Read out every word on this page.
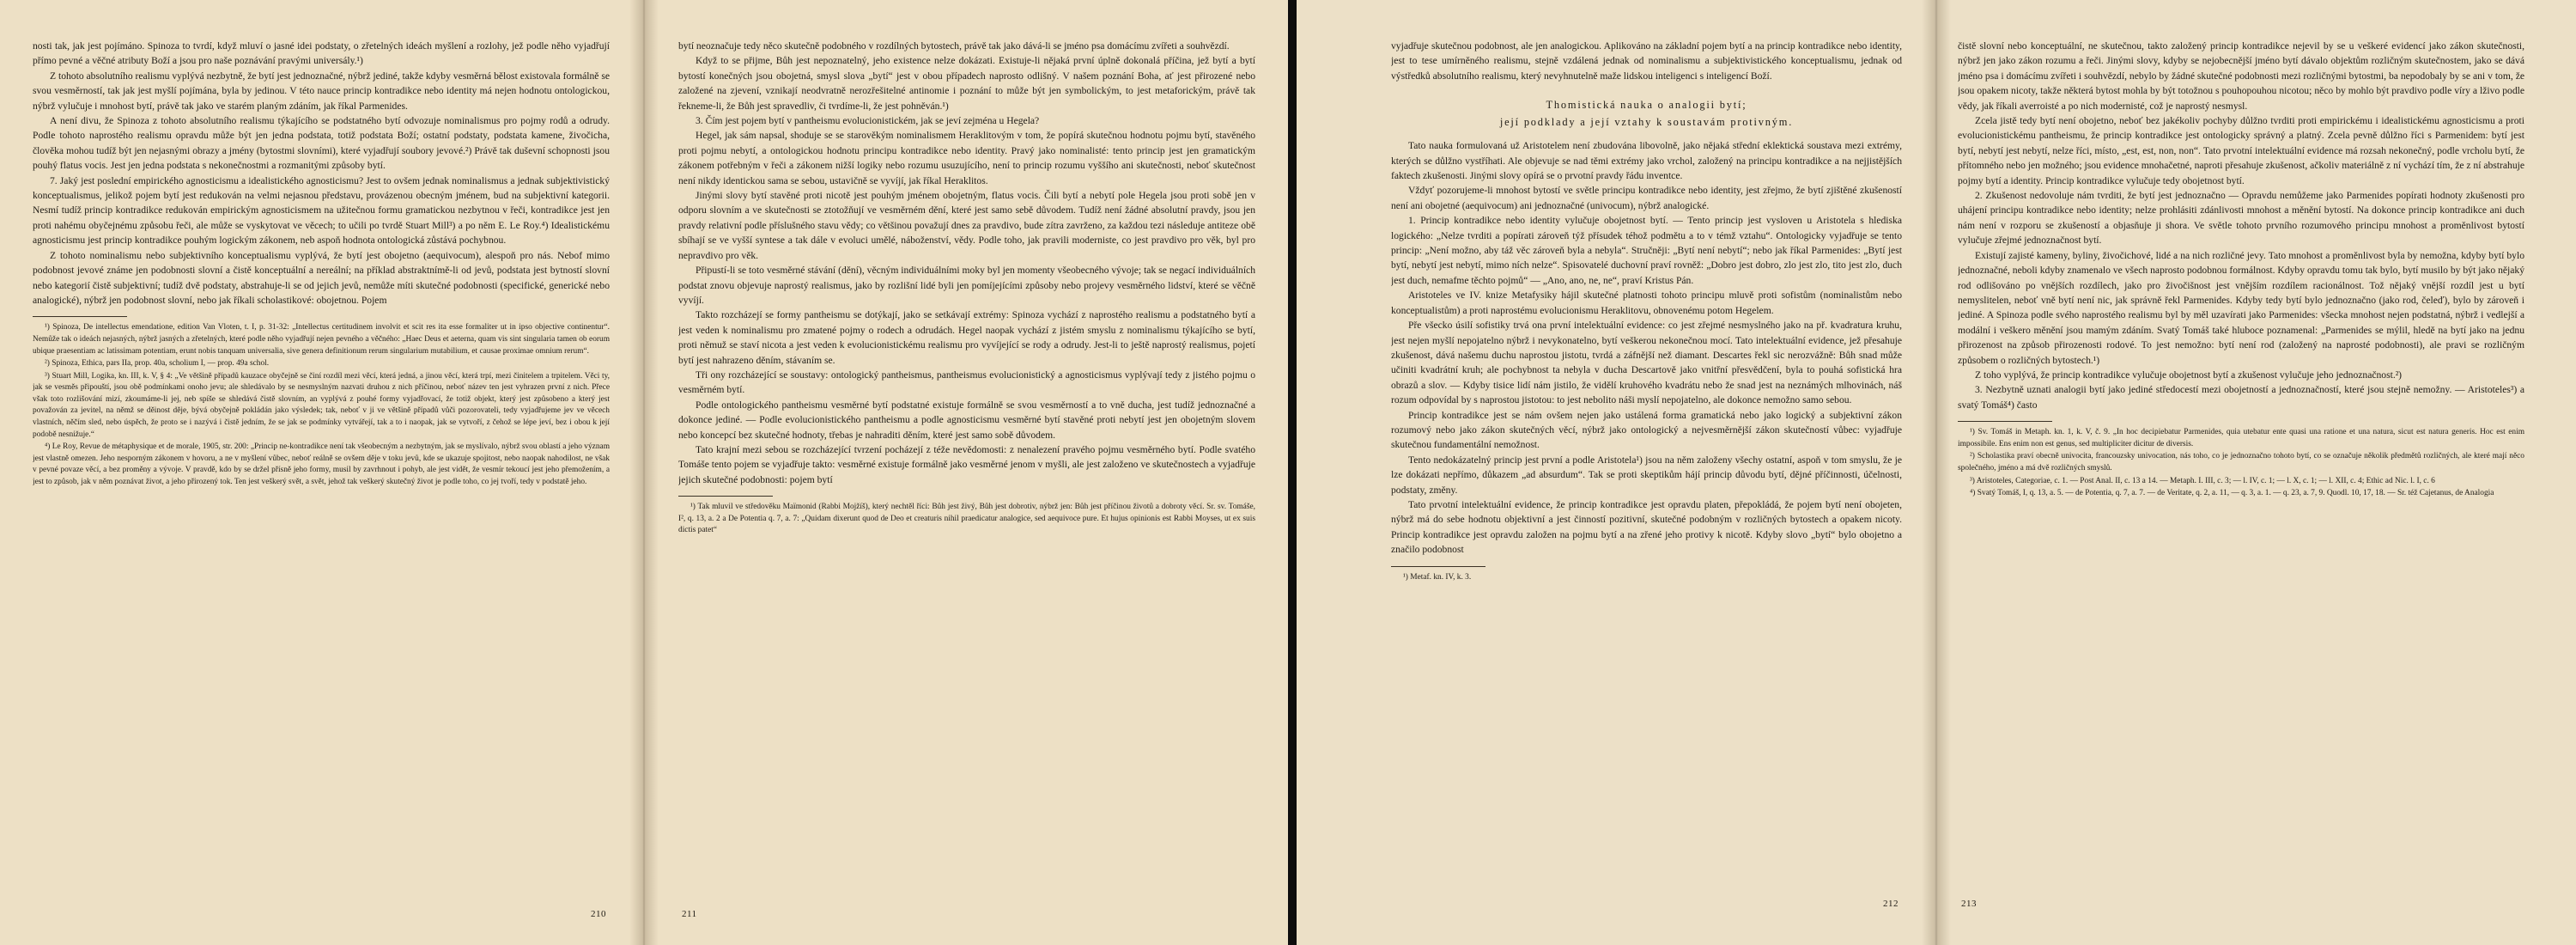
nosti tak, jak jest pojímáno. Spinoza to tvrdí, když mluví o jasné idei podstaty, o zřetelných ideách myšlení a rozlohy, jež podle něho vyjadřují přímo pevné a věčné atributy Boží a jsou pro naše poznávání pravými universály.¹)

Z tohoto absolutního realismu vyplývá nezbytně, že bytí jest jednoznačné, nýbrž jediné, takže kdyby vesměrná bělost existovala formálně se svou vesměrností, tak jak jest myšlí pojímána, byla by jedinou. V této nauce princip kontradikce nebo identity má nejen hodnotu ontologickou, nýbrž vylučuje i mnohost bytí, právě tak jako ve starém planým zdáním, jak říkal Parmenides.

A není divu, že Spinoza z tohoto absolutního realismu týkajícího se podstatného bytí odvozuje nominalismus pro pojmy rodů a odrudy. Podle tohoto naprostého realismu opravdu může být jen jedna podstata, totiž podstata Boží; ostatní podstaty, podstata kamene, živočicha, člověka mohou tudíž být jen nejasnými obrazy a jmény (bytostmi slovními), které vyjadřují soubory jevové.²) Právě tak duševní schopnosti jsou pouhý flatus vocis. Jest jen jedna podstata s nekonečnostmi a rozmanitými způsoby bytí.

7. Jaký jest poslední empirického agnosticismu a idealistického agnosticismu? Jest to ovšem jednak nominalismus a jednak subjektivistický konceptualismus, jelikož pojem bytí jest redukován na velmi nejasnou představu, provázenou obecným jménem, bud na subjektivní kategorii. Nesmí tudíž princip kontradikce redukován empirickým agnosticismem na užitečnou formu gramatickou nezbytnou v řeči, kontradikce jest jen proti nahému obyčejnému způsobu řeči, ale může se vyskytovat ve věcech; to učili po tvrdě Stuart Mill³) a po něm E. Le Roy.⁴) Idealistickému agnosticismu jest princip kontradikce pouhým logickým zákonem, neb aspoň hodnota ontologická zůstává pochybnou.

Z tohoto nominalismu nebo subjektivního konceptualismu vyplývá, že bytí jest obojetno (aequivocum), alespoň pro nás. Nebof mimo podobnost jevové známe jen podobnosti slovní a čistě konceptuální a nereální; na příklad abstraktnímě-li od jevů, podstata jest bytností slovní nebo kategorií čistě subjektivní; tudíž dvě podstaty, abstrahuje-li se od jejich jevů, nemůže míti skutečné podobnosti (specifické, generické nebo analogické), nýbrž jen podobnost slovní, nebo jak říkali scholastikové: obojetnou. Pojem

¹) Spinoza, De intellectus emendatione, edition Van Vloten, t. I, p. 31-32: „Intellectus certitudinem involvit et scit res ita esse formaliter ut in ipso objective continentur“. Nemůže tak o ideách nejasných, nýbrž jasných a zřetelných, které podle něho vyjadřují nejen pevného a věčného: „Haec Deus et aeterna, quam vis sint singularia tamen ob eorum ubique praesentiam ac latissimam potentiam, erunt nobis tanquam universalia, sive genera definitionum rerum singularium mutabilium, et causae proximae omnium rerum“.

²) Spinoza, Ethica, pars IIa, prop. 40a, scholium I, — prop. 49a schol.

³) Stuart Mill, Logika, kn. III, k. V, § 4: „Ve většině případů kauzace obyčejně se činí rozdíl mezi věcí, která jedná, a jinou věcí, která trpí, mezi činitelem a trpitelem. Věci ty, jak se vesměs připouští, jsou obě podmínkami onoho jevu; ale shledávalo by se nesmyslným nazvati druhou z nich příčinou, neboť název ten jest vyhrazen první z nich. Přece však toto rozlišování mizí, zkoumáme-li jej, neb spíše se shledává čistě slovním, an vyplývá z pouhé formy vyjadřovací, že totiž objekt, který jest způsobeno a který jest považován za jevitel, na němž se děinost děje, bývá obyčejně pokládán jako výsledek; tak, neboť v ji ve většině případů vůči pozorovateli, tedy vyjadřujeme jev ve věcech vlastních, něčím sled, nebo úspěch, že proto se i nazývá i čistě jedním, že se jak se podmínky vytvářejí, tak a to i naopak, jak se vytvoří, z čehož se lépe jeví, bez i obou k její podobě nesnižuje.“

⁴) Le Roy, Revue de métaphysique et de morale, 1905, str. 200: „Princip ne-kontradikce není tak všeobecným a nezbytným, jak se myslívalo, nýbrž svou oblastí a jeho význam jest vlastně omezen. Jeho nesporným zákonem v hovoru, a ne v myšlení vůbec, neboť reálně se ovšem děje v toku jevů, kde se ukazuje spojitost, nebo naopak nahodilost, ne však v pevné povaze věcí, a bez proměny a vývoje. V pravdě, kdo by se držel přísně jeho formy, musil by zavrhnout i pohyb, ale jest vidět, že vesmír tekoucí jest jeho přemožením, a jest to způsob, jak v něm poznávat život, a jeho přirozený tok. Ten jest veškerý svět, a svět, jehož tak veškerý skutečný život je podle toho, co jej tvoří, tedy v podstatě jeho.

210

bytí neoznačuje tedy něco skutečně podobného v rozdílných bytostech, právě tak jako dává-li se jméno psa domácímu zvířeti a souhvězdí.

Když to se přijme, Bůh jest nepoznatelný, jeho existence nelze dokázati. Existuje-li nějaká první úplně dokonalá příčina, jež bytí a bytí bytostí konečných jsou obojetná, smysl slova „bytí“ jest v obou případech naprosto odlišný. V našem poznání Boha, ať jest přirozené nebo založené na zjevení, vznikají neodvratně nerozřešitelné antinomie i poznání to může být jen symbolickým, to jest metaforickým, právě tak řekneme-li, že Bůh jest spravedliv, či tvrdíme-li, že jest pohněván.¹)

3. Čím jest pojem bytí v pantheismu evolucionistickém, jak se jeví zejména u Hegela?

Hegel, jak sám napsal, shoduje se se starověkým nominalismem Heraklitovým v tom, že popírá skutečnou hodnotu pojmu bytí, stavěného proti pojmu nebytí, a ontologickou hodnotu principu kontradikce nebo identity. Pravý jako nominalisté: tento princip jest jen gramatickým zákonem potřebným v řeči a zákonem nižší logiky nebo rozumu usuzujícího, není to princip rozumu vyššího ani skutečnosti, neboť skutečnost není nikdy identickou sama se sebou, ustavičně se vyvíjí, jak říkal Heraklitos.

Jinými slovy bytí stavěné proti nicotě jest pouhým jménem obojetným, flatus vocis. Čili bytí a nebytí pole Hegela jsou proti sobě jen v odporu slovním a ve skutečnosti se ztotožňují ve vesměrném dění, které jest samo sebě důvodem. Tudíž není žádné absolutní pravdy, jsou jen pravdy relativní podle příslušného stavu vědy; co většinou považují dnes za pravdivo, bude zítra zavrženo, za každou tezi následuje antiteze obě sbíhají se ve vyšší syntese a tak dále v evoluci umělé, náboženství, vědy. Podle toho, jak pravili moderniste, co jest pravdivo pro věk, byl pro nepravdivo pro věk.

Připustí-li se toto vesměrné stávání (dění), věcným individuálními moky byl jen momenty všeobecného vývoje; tak se negací individuálních podstat znovu objevuje naprostý realismus, jako by rozlišní lidé byli jen pomíjejícími způsoby nebo projevy vesměrného lidství, které se věčně vyvíjí.

Takto rozcházejí se formy pantheismu se dotýkají, jako se setkávají extrémy: Spinoza vychází z naprostého realismu a podstatného bytí a jest veden k nominalismu pro zmatené pojmy o rodech a odrudách. Hegel naopak vychází z jistém smyslu z nominalismu týkajícího se bytí, proti němuž se staví nicota a jest veden k evolucionistickému realismu pro vyvíjející se rody a odrudy. Jest-li to ještě naprostý realismus, pojetí bytí jest nahrazeno děním, stávaním se.

Tři ony rozcházející se soustavy: ontologický pantheismus, pantheismus evolucionistický a agnosticismus vyplývají tedy z jistého pojmu o vesměrném bytí.

Podle ontologického pantheismu vesměrné bytí podstatné existuje formálně se svou vesměrností a to vně ducha, jest tudíž jednoznačné a dokonce jediné. — Podle evolucionistického pantheismu a podle agnosticismu vesměrné bytí stavěné proti nebytí jest jen obojetným slovem nebo koncepcí bez skutečné hodnoty, třebas je nahraditi děním, které jest samo sobě důvodem.

Tato krajní mezi sebou se rozcházející tvrzení pocházejí z téže nevědomosti: z nenalezení pravého pojmu vesměrného bytí. Podle svatého Tomáše tento pojem se vyjadřuje takto: vesměrné existuje formálně jako vesměrné jenom v myšli, ale jest založeno ve skutečnostech a vyjadřuje jejich skutečné podobnosti: pojem bytí

¹) Tak mluvil ve středověku Maïmonid (Rabbi Mojžíš), který nechtěl říci: Bůh jest živý, Bůh jest dobrotiv, nýbrž jen: Bůh jest příčinou životů a dobroty věcí. Sr. sv. Tomáše, I², q. 13, a. 2 a De Potentia q. 7, a. 7: „Quidam dixerunt quod de Deo et creaturis nihil praedicatur analogice, sed aequivoce pure. Et hujus opinionis est Rabbi Moyses, ut ex suis dictis patet“

211

vyjadřuje skutečnou podobnost, ale jen analogickou. Aplikováno na základní pojem bytí a na princip kontradikce nebo identity, jest to tese umírněného realismu, stejně vzdálená jednak od nominalismu a subjektivistického konceptualismu, jednak od výstředků absolutního realismu, který nevyhnutelně maže lidskou inteligenci s inteligencí Boží.

Thomistická nauka o analogii bytí;
její podklady a její vztahy k soustavám protivným.

Tato nauka formulovaná už Aristotelem není zbudována libovolně, jako nějaká střední eklektická soustava mezi extrémy, kterých se důlžno vystříhati. Ale objevuje se nad těmi extrémy jako vrchol, založený na principu kontradikce a na nejjistějších faktech zkušenosti. Jinými slovy opírá se o prvotní pravdy řádu inventce.

Vždyť pozorujeme-li mnohost bytostí ve světle principu kontradikce nebo identity, jest zřejmo, že bytí zjištěné zkušeností není ani obojetné (aequivocum) ani jednoznačné (univocum), nýbrž analogické.

1. Princip kontradikce nebo identity vylučuje obojetnost bytí. — Tento princip jest vysloven u Aristotela s hlediska logického: „Nelze tvrditi a popírati zároveň týž přísudek téhož podmětu a to v témž vztahu“. Ontologicky vyjadřuje se tento princip: „Není možno, aby táž věc zároveň byla a nebyla“. Stručněji: „Bytí není nebytí“; nebo jak říkal Parmenides: „Bytí jest bytí, nebytí jest nebytí, mimo ních nelze“. Spisovatelé duchovní praví rovněž: „Dobro jest dobro, zlo jest zlo, tito jest zlo, duch jest duch, nemafme těchto pojmů“ — „Ano, ano, ne, ne“, praví Kristus Pán.

Aristoteles ve IV. knize Metafysiky hájil skutečné platnosti tohoto principu mluvě proti sofistům (nominalistům nebo konceptualistům) a proti naprostému evolucionismu Heraklitovu, obnovenému potom Hegelem.

Pře všecko úsilí sofistiky trvá ona první intelektuální evidence: co jest zřejmé nesmyslného jako na př. kvadratura kruhu, jest nejen myšlí nepojatelno nýbrž i nevykonatelno, bytí veškerou nekonečnou mocí. Tato intelektuální evidence, jež přesahuje zkušenost, dává našemu duchu naprostou jistotu, tvrdá a záfnější než diamant. Descartes řekl sic nerozvážně: Bůh snad může učiniti kvadrátní kruh; ale pochybnost ta nebyla v ducha Descartově jako vnitřní přesvědčení, byla to pouhá sofistická hra obrazů a slov. — Kdyby tisice lidí nám jistilo, že vidělí kruhového kvadrátu nebo že snad jest na neznámých mlhovinách, náš rozum odpovídal by s naprostou jistotou: to jest nebolito náši myslí nepojatelno, ale dokonce nemožno samo sebou.

Princip kontradikce jest se nám ovšem nejen jako ustálená forma gramatická nebo jako logický a subjektivní zákon rozumový nebo jako zákon skutečných věcí, nýbrž jako ontologický a nejvesměrnější zákon skutečností vůbec: vyjadřuje skutečnou fundamentální nemožnost.

Tento nedokázatelný princip jest první a podle Aristotela¹) jsou na něm založeny všechy ostatní, aspoň v tom smyslu, že je lze dokázati nepřímo, důkazem „ad absurdum“. Tak se proti skeptikům hájí princip důvodu bytí, dějné příčinnosti, účelnosti, podstaty, změny.

Tato prvotní intelektuální evidence, že princip kontradikce jest opravdu platen, přepokládá, že pojem bytí není obojeten, nýbrž má do sebe hodnotu objektivní a jest činností pozitivní, skutečné podobným v rozličných bytostech a opakem nicoty. Princip kontradikce jest opravdu založen na pojmu bytí a na zřené jeho protivy k nicotě. Kdyby slovo „bytí“ bylo obojetno a značilo podobnost

¹) Metaf. kn. IV, k. 3.

212

čistě slovní nebo konceptuální, ne skutečnou, takto založený princip kontradikce nejevil by se u veškeré evidencí jako zákon skutečnosti, nýbrž jen jako zákon rozumu a řeči. Jinými slovy, kdyby se nejobecnější jméno bytí dávalo objektům rozličným skutečnostem, jako se dává jméno psa i domácímu zvířeti i souhvězdí, nebylo by žádné skutečné podobnosti mezi rozličnými bytostmi, ba nepodobaly by se ani v tom, že jsou opakem nicoty, takže některá bytost mohla by být totožnou s pouhopouhou nicotou; něco by mohlo být pravdivo podle víry a lživo podle vědy, jak říkali averroisté a po nich modernisté, což je naprostý nesmysl.

Zcela jistě tedy bytí není obojetno, neboť bez jakékoliv pochyby důlžno tvrditi proti empirickému i idealistickému agnosticismu a proti evolucionistickému pantheismu, že princip kontradikce jest ontologicky správný a platný. Zcela pevně důlžno říci s Parmenidem: bytí jest bytí, nebytí jest nebytí, nelze říci, místo, „est, est, non, non“. Tato prvotní intelektuální evidence má rozsah nekonečný, podle vrcholu bytí, že přítomného nebo jen možného; jsou evidence mnohačetné, naproti přesahuje zkušenost, ačkoliv materiálně z ní vychází tím, že z ní abstrahuje pojmy bytí a identity. Princip kontradikce vylučuje tedy obojetnost bytí.

2. Zkušenost nedovoluje nám tvrditi, že bytí jest jednoznačno — Opravdu nemůžeme jako Parmenides popírati hodnoty zkušenosti pro uhájení principu kontradikce nebo identity; nelze prohlásiti zdánlivosti mnohost a měnění bytostí. Na dokonce princip kontradikce ani duch nám není v rozporu se zkušeností a objasňuje ji shora. Ve světle tohoto prvního rozumového principu mnohost a proměnlivost bytostí vylučuje zřejmé jednoznačnost bytí.

Existují zajisté kameny, byliny, živočichové, lidé a na nich rozličné jevy. Tato mnohost a proměnlivost byla by nemožna, kdyby bytí bylo jednoznačné, neboli kdyby znamenalo ve všech naprosto podobnou formálnost. Kdyby opravdu tomu tak bylo, bytí musilo by být jako nějaký rod odlišováno po vnějších rozdílech, jako pro živočišnost jest vnějším rozdílem racionálnost. Tož nějaký vnější rozdíl jest u bytí nemyslitelen, neboť vně bytí není nic, jak správně řekl Parmenides. Kdyby tedy bytí bylo jednoznačno (jako rod, čeleď), bylo by zároveň i jediné. A Spinoza podle svého naprostého realismu byl by měl uzavírati jako Parmenides: všecka mnohost nejen podstatná, nýbrž i vedlejší a modální i veškero měnění jsou mamým zdáním. Svatý Tomáš také hluboce poznamenal: „Parmenides se mýlil, hledě na bytí jako na jednu přirozenost na způsob přirozenosti rodové. To jest nemožno: bytí není rod (založený na naprosté podobnosti), ale pravi se rozličným způsobem o rozličných bytostech.¹)

Z toho vyplývá, že princip kontradikce vylučuje obojetnost bytí a zkušenost vylučuje jeho jednoznačnost.²)

3. Nezbytně uznati analogii bytí jako jediné středocestí mezi obojetností a jednoznačností, které jsou stejně nemožny. — Aristoteles³) a svatý Tomáš⁴) často

¹) Sv. Tomáš in Metaph. kn. 1, k. V, č. 9. „In hoc decipiebatur Parmenides, quia utebatur ente quasi una ratione et una natura, sicut est natura generis. Hoc est enim impossibile. Ens enim non est genus, sed multipliciter dicitur de diversis.

²) Scholastika praví obecně univocita, francouzsky univocation, nás toho, co je jednoznačno tohoto bytí, co se označuje několik předmětů rozličných, ale které mají něco společného, jméno a má dvě rozličných smyslů.

³) Aristoteles, Categoriae, c. 1. — Post Anal. II, c. 13 a 14. — Metaph. I. III, c. 3; — l. IV, c. 1; — l. X, c. 1; — l. XII, c. 4; Ethic ad Nic. l. I, c. 6

⁴) Svatý Tomáš, I, q. 13, a. 5. — de Potentia, q. 7, a. 7. — de Veritate, q. 2, a. 11, — q. 3, a. 1. — q. 23, a. 7, 9. Quodl. 10, 17, 18. — Sr. též Cajetanus, de Analogia

213
